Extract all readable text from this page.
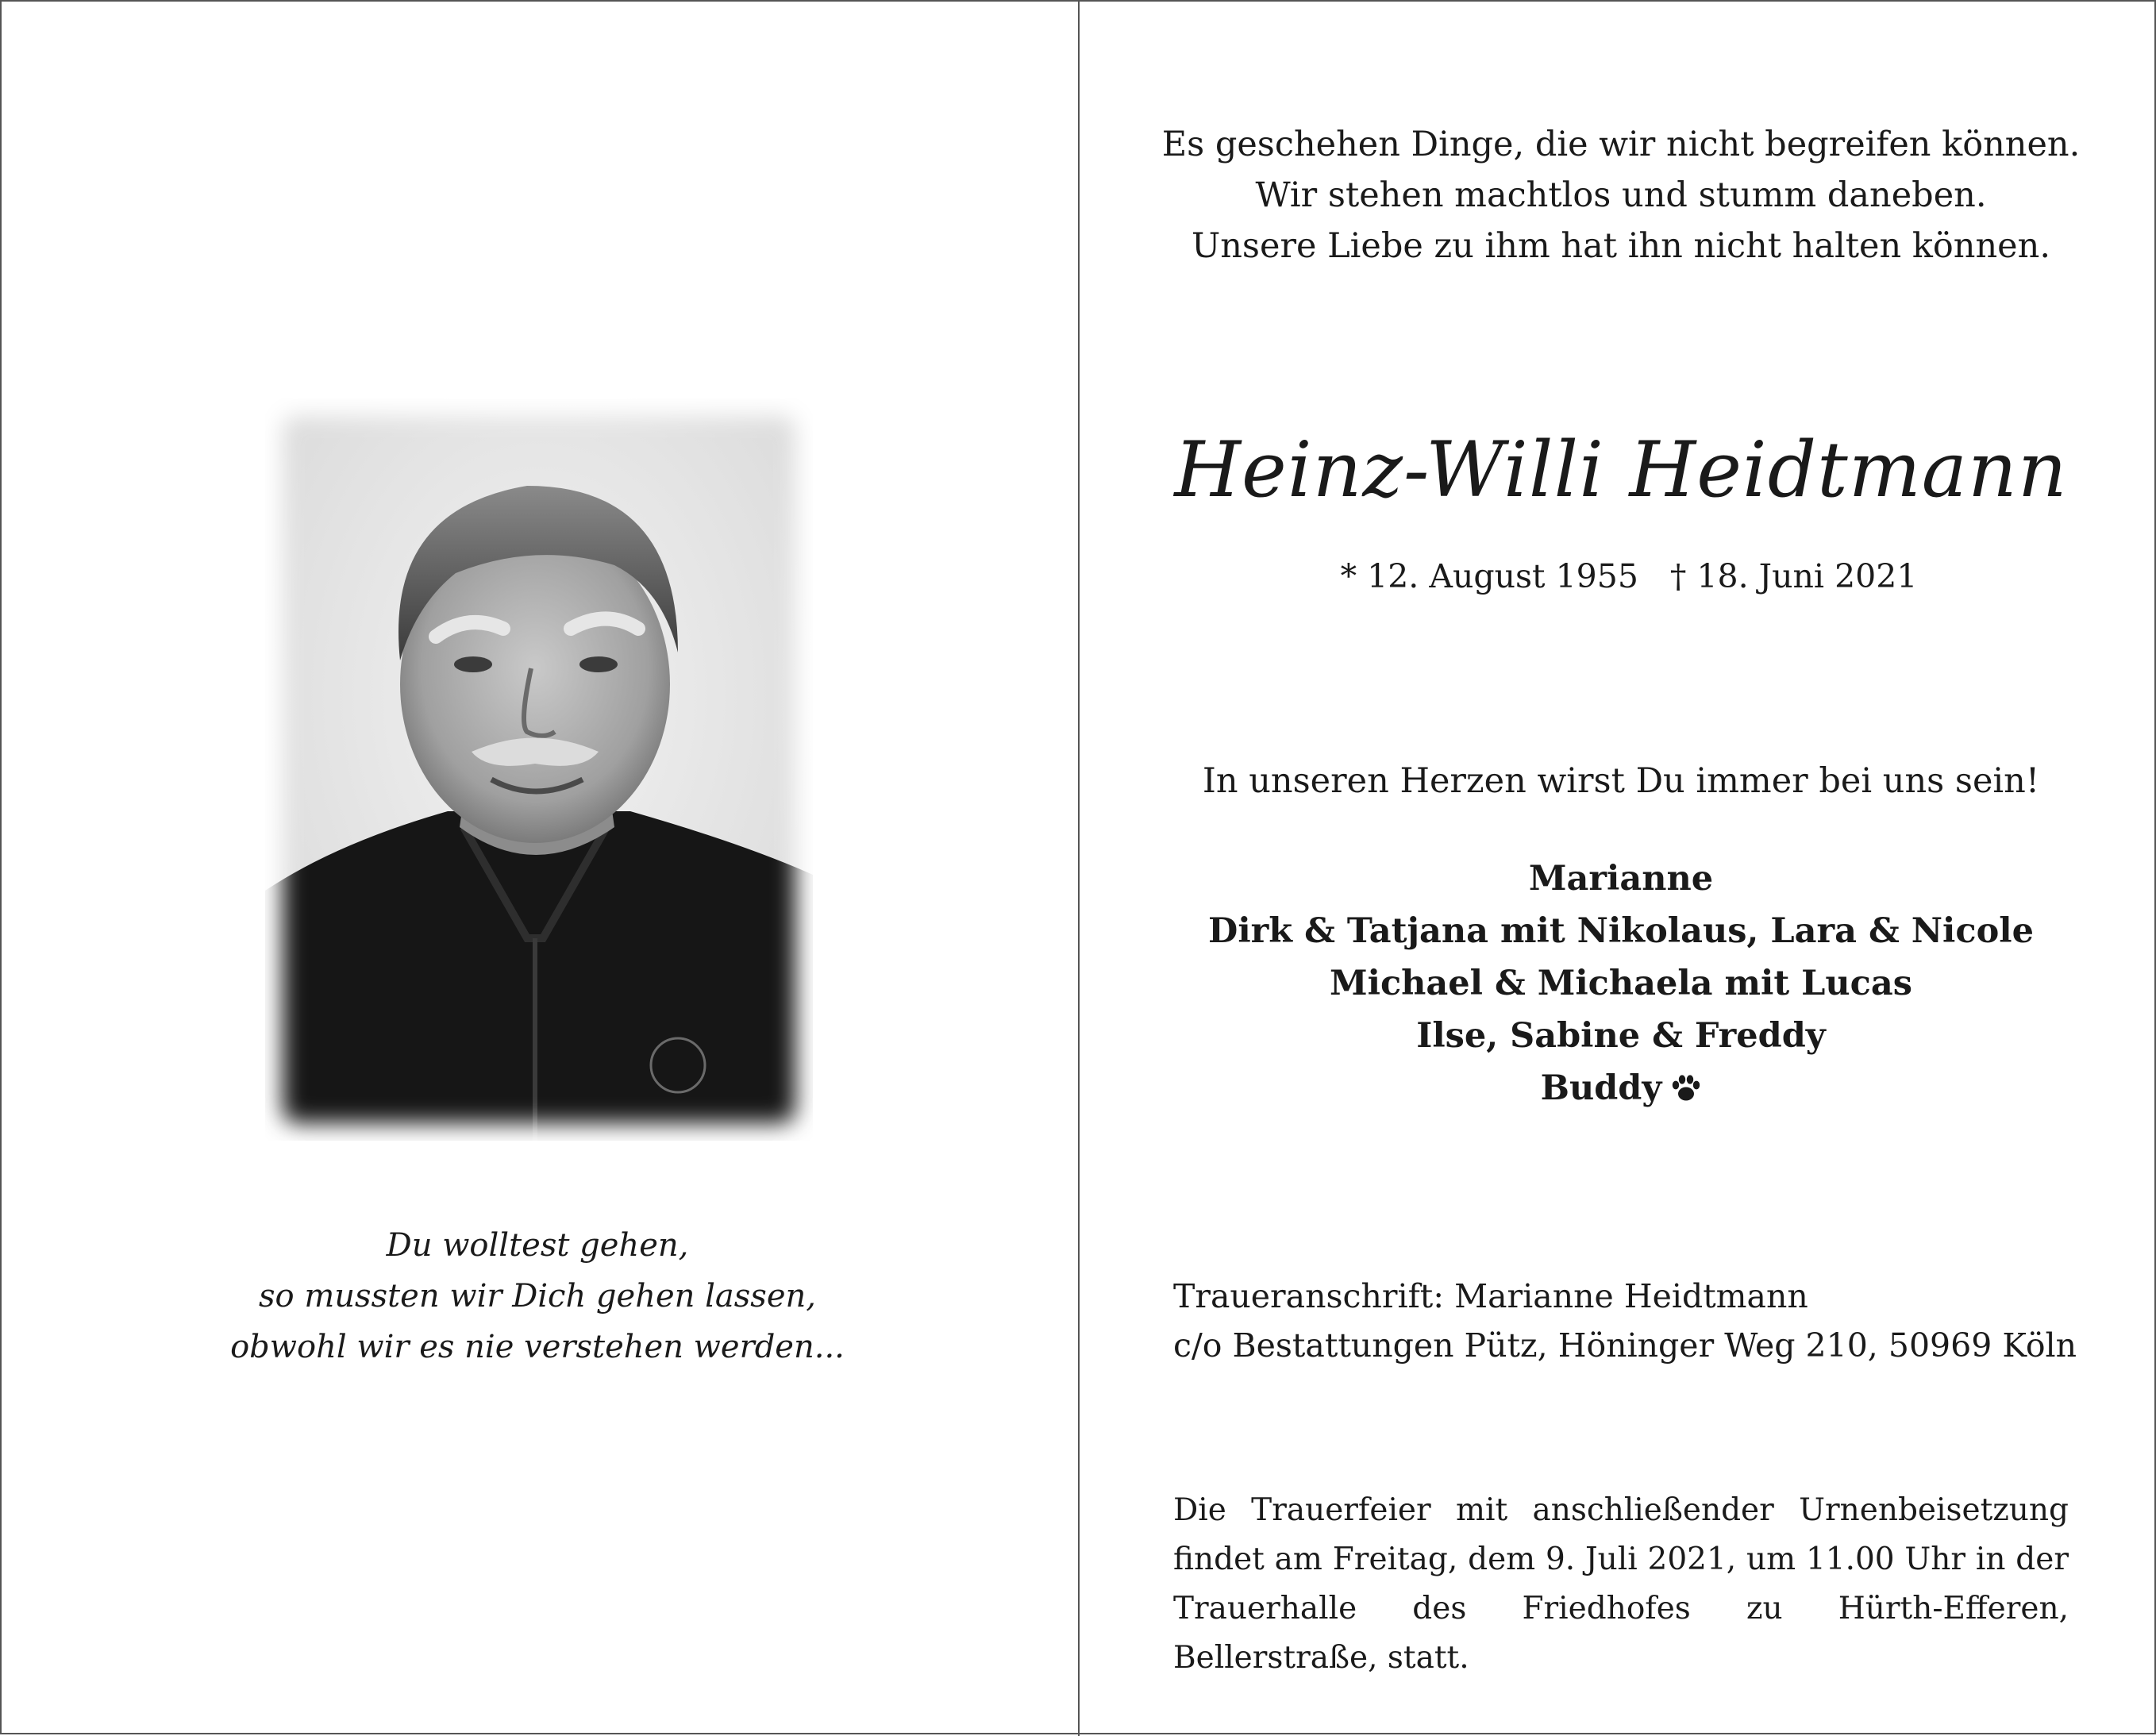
Du wolltest gehen,
so mussten wir Dich gehen lassen,
obwohl wir es nie verstehen werden...
Es geschehen Dinge, die wir nicht begreifen können.
Wir stehen machtlos und stumm daneben.
Unsere Liebe zu ihm hat ihn nicht halten können.
Heinz-Willi Heidtmann
* 12. August 1955 † 18. Juni 2021
In unseren Herzen wirst Du immer bei uns sein!
Marianne
Dirk & Tatjana mit Nikolaus, Lara & Nicole
Michael & Michaela mit Lucas
Ilse, Sabine & Freddy
Buddy
Traueranschrift: Marianne Heidtmann
c/o Bestattungen Pütz, Höninger Weg 210, 50969 Köln
Die Trauerfeier mit anschließender Urnenbeisetzung findet am Freitag, dem 9. Juli 2021, um 11.00 Uhr in der Trauerhalle des Friedhofes zu Hürth-Efferen, Bellerstraße, statt.
